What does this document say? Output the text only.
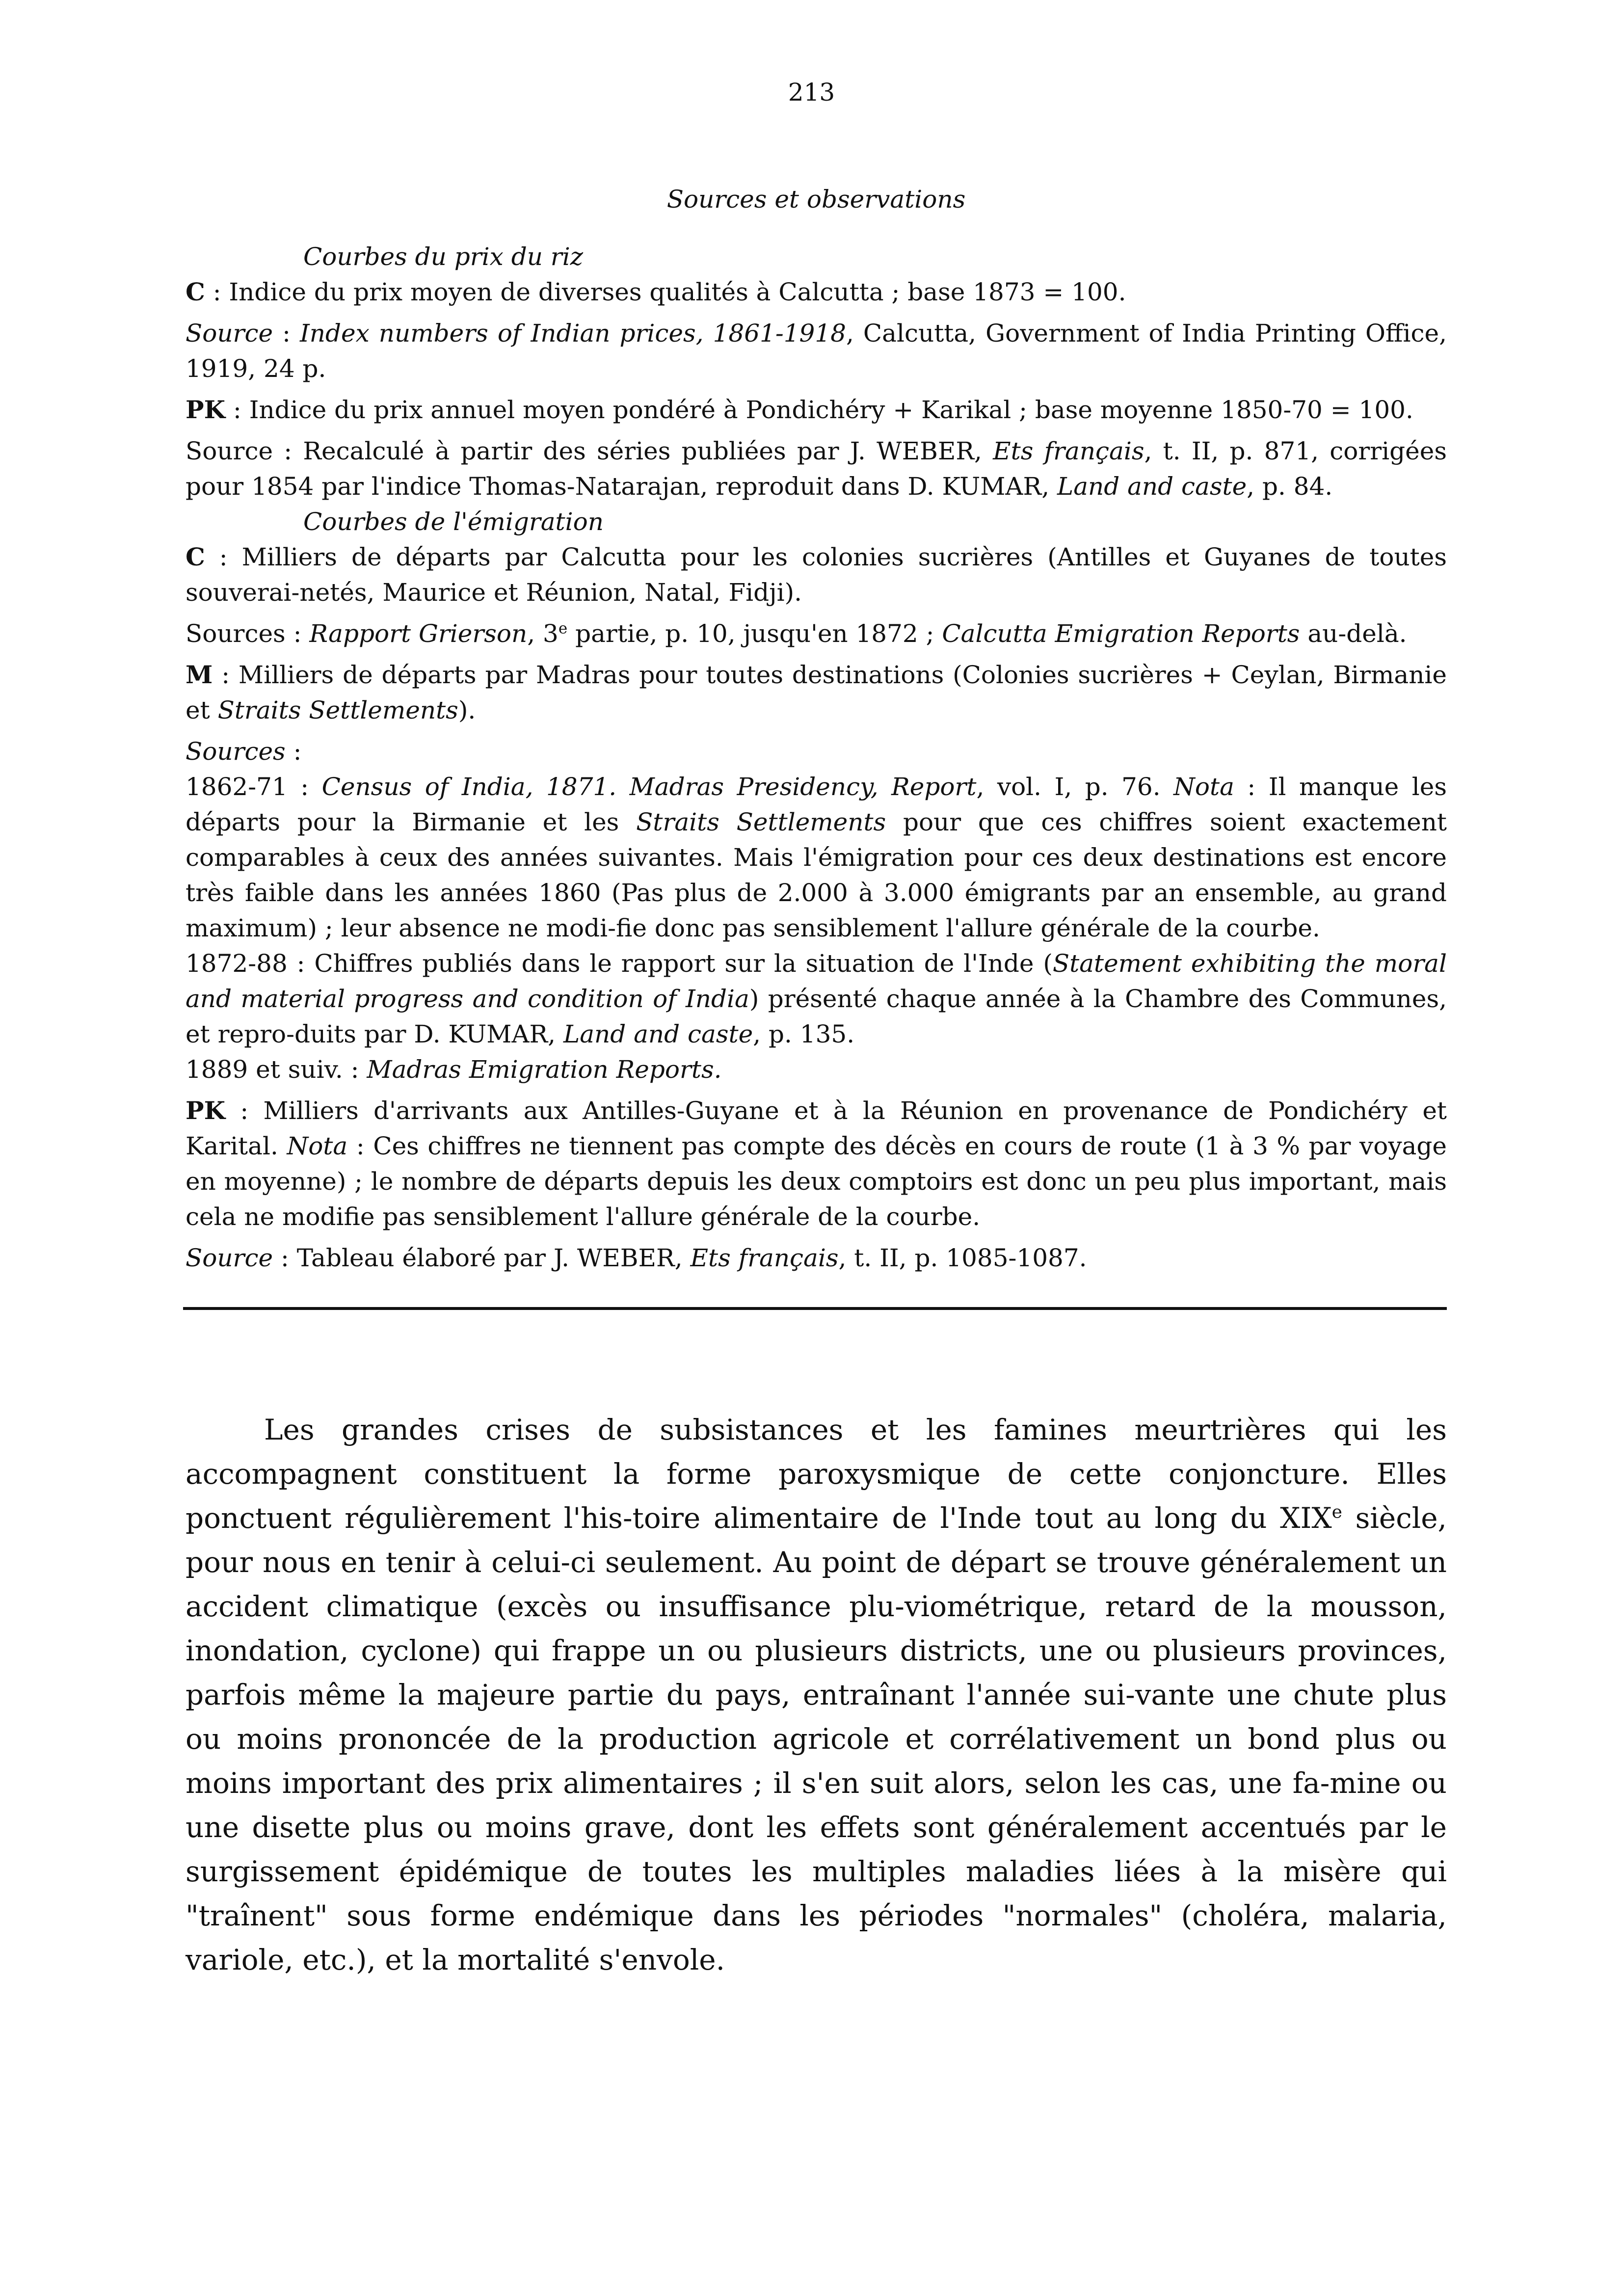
213

Sources et observations

Courbes du prix du riz

C : Indice du prix moyen de diverses qualités à Calcutta ; base 1873 = 100.

Source : Index numbers of Indian prices, 1861-1918, Calcutta, Government of India Printing Office, 1919, 24 p.

PK : Indice du prix annuel moyen pondéré à Pondichéry + Karikal ; base moyenne 1850-70 = 100.

Source : Recalculé à partir des séries publiées par J. WEBER, Ets français, t. II, p. 871, corrigées pour 1854 par l'indice Thomas-Natarajan, reproduit dans D. KUMAR, Land and caste, p. 84.

Courbes de l'émigration

C : Milliers de départs par Calcutta pour les colonies sucrières (Antilles et Guyanes de toutes souverai-netés, Maurice et Réunion, Natal, Fidji).

Sources : Rapport Grierson, 3e partie, p. 10, jusqu'en 1872 ; Calcutta Emigration Reports au-delà.

M : Milliers de départs par Madras pour toutes destinations (Colonies sucrières + Ceylan, Birmanie et Straits Settlements).

Sources :

1862-71 : Census of India, 1871. Madras Presidency, Report, vol. I, p. 76. Nota : Il manque les départs pour la Birmanie et les Straits Settlements pour que ces chiffres soient exactement comparables à ceux des années suivantes. Mais l'émigration pour ces deux destinations est encore très faible dans les années 1860 (Pas plus de 2.000 à 3.000 émigrants par an ensemble, au grand maximum) ; leur absence ne modi-fie donc pas sensiblement l'allure générale de la courbe.

1872-88 : Chiffres publiés dans le rapport sur la situation de l'Inde (Statement exhibiting the moral and material progress and condition of India) présenté chaque année à la Chambre des Communes, et repro-duits par D. KUMAR, Land and caste, p. 135.

1889 et suiv. : Madras Emigration Reports.

PK : Milliers d'arrivants aux Antilles-Guyane et à la Réunion en provenance de Pondichéry et Karital. Nota : Ces chiffres ne tiennent pas compte des décès en cours de route (1 à 3 % par voyage en moyenne) ; le nombre de départs depuis les deux comptoirs est donc un peu plus important, mais cela ne modifie pas sensiblement l'allure générale de la courbe.

Source : Tableau élaboré par J. WEBER, Ets français, t. II, p. 1085-1087.

Les grandes crises de subsistances et les famines meurtrières qui les accompagnent constituent la forme paroxysmique de cette conjoncture. Elles ponctuent régulièrement l'his-toire alimentaire de l'Inde tout au long du XIXe siècle, pour nous en tenir à celui-ci seulement. Au point de départ se trouve généralement un accident climatique (excès ou insuffisance plu-viométrique, retard de la mousson, inondation, cyclone) qui frappe un ou plusieurs districts, une ou plusieurs provinces, parfois même la majeure partie du pays, entraînant l'année sui-vante une chute plus ou moins prononcée de la production agricole et corrélativement un bond plus ou moins important des prix alimentaires ; il s'en suit alors, selon les cas, une fa-mine ou une disette plus ou moins grave, dont les effets sont généralement accentués par le surgissement épidémique de toutes les multiples maladies liées à la misère qui "traînent" sous forme endémique dans les périodes "normales" (choléra, malaria, variole, etc.), et la mortalité s'envole.
